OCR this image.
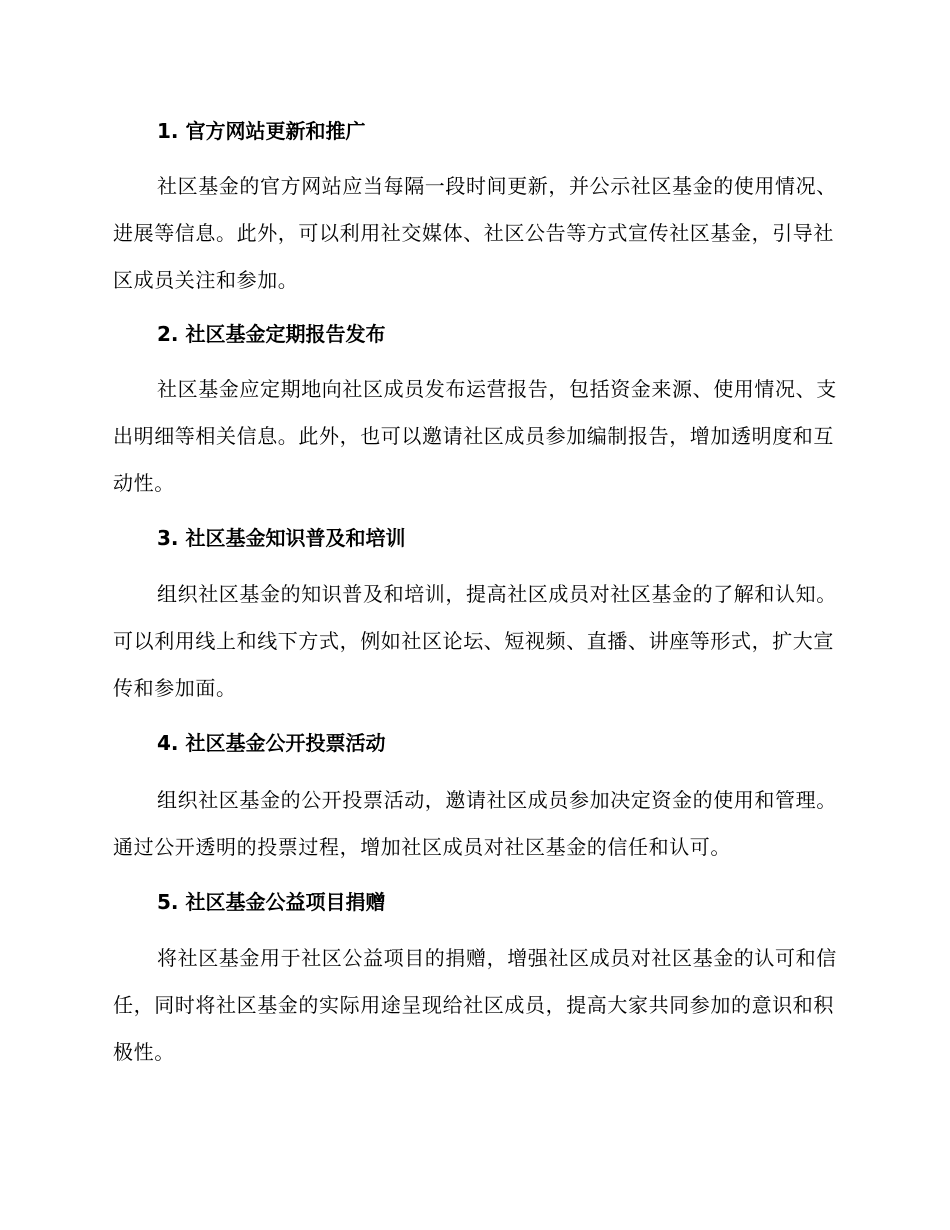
1. 官方网站更新和推广

社区基金的官方网站应当每隔一段时间更新，并公示社区基金的使用情况、进展等信息。此外，可以利用社交媒体、社区公告等方式宣传社区基金，引导社区成员关注和参加。

2. 社区基金定期报告发布

社区基金应定期地向社区成员发布运营报告，包括资金来源、使用情况、支出明细等相关信息。此外，也可以邀请社区成员参加编制报告，增加透明度和互动性。

3. 社区基金知识普及和培训

组织社区基金的知识普及和培训，提高社区成员对社区基金的了解和认知。可以利用线上和线下方式，例如社区论坛、短视频、直播、讲座等形式，扩大宣传和参加面。

4. 社区基金公开投票活动

组织社区基金的公开投票活动，邀请社区成员参加决定资金的使用和管理。通过公开透明的投票过程，增加社区成员对社区基金的信任和认可。

5. 社区基金公益项目捐赠

将社区基金用于社区公益项目的捐赠，增强社区成员对社区基金的认可和信任，同时将社区基金的实际用途呈现给社区成员，提高大家共同参加的意识和积极性。
